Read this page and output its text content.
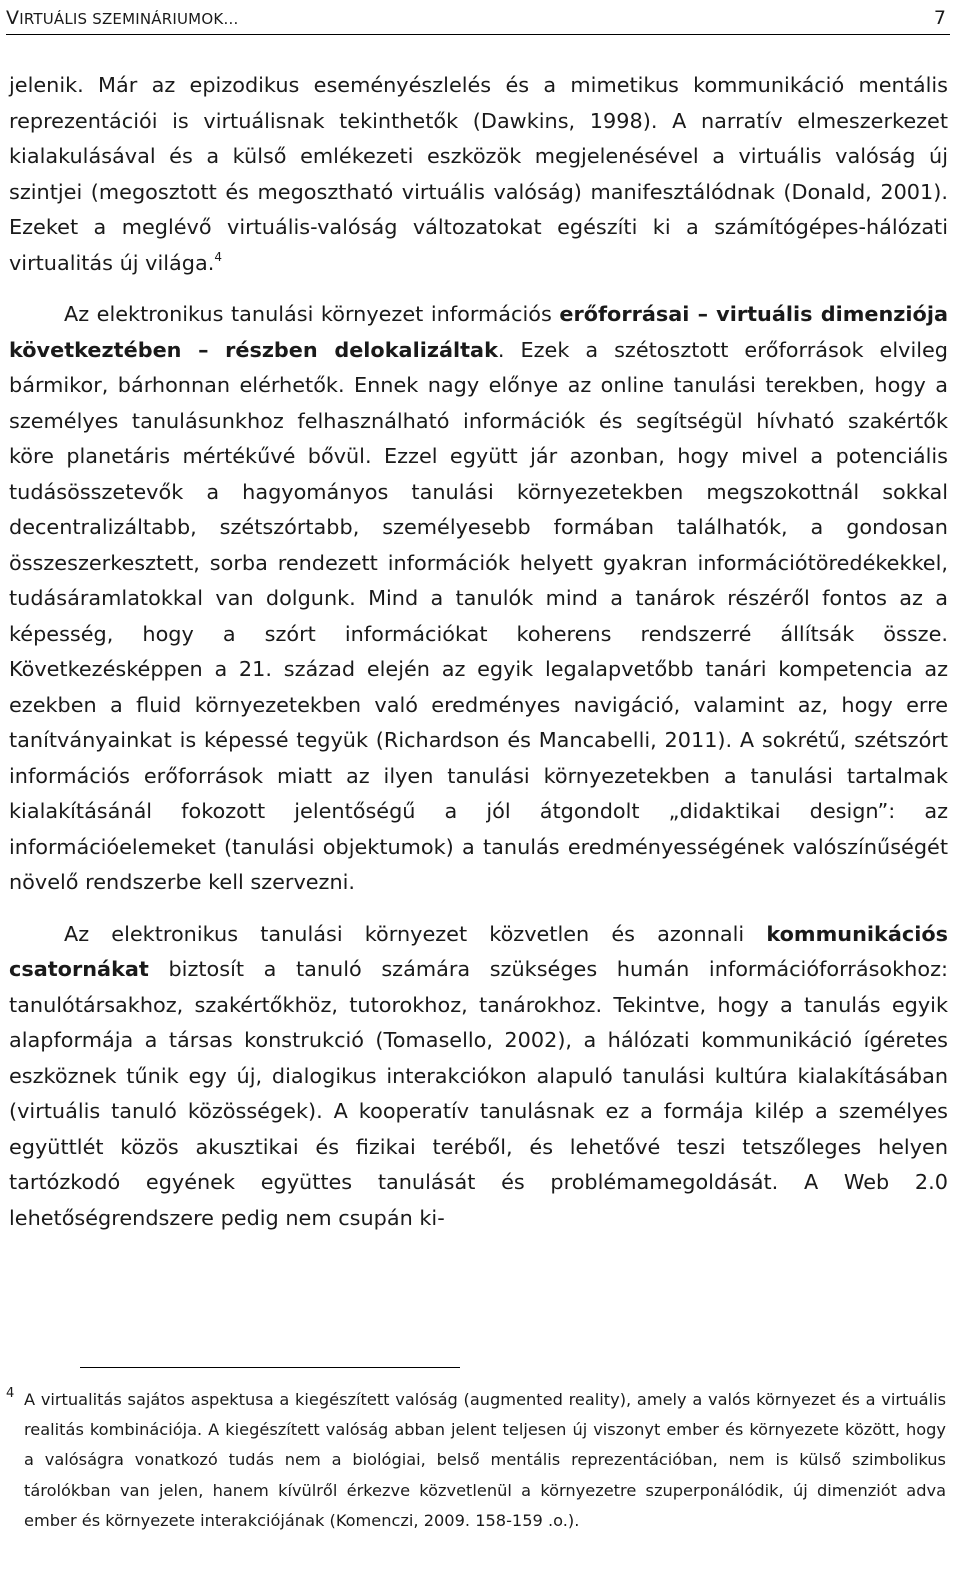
VIRTUÁLIS SZEMINÁRIUMOK…	7

jelenik. Már az epizodikus eseményészlelés és a mimetikus kommunikáció mentális reprezentációi is virtuálisnak tekinthetők (Dawkins, 1998). A narratív elmeszerkezet kialakulásával és a külső emlékezeti eszközök megjelenésével a virtuális valóság új szintjei (megosztott és megosztható virtuális valóság) manifesztálódnak (Donald, 2001). Ezeket a meglévő virtuális-valóság változatokat egészíti ki a számítógépes-hálózati virtualitás új világa.$^4$

Az elektronikus tanulási környezet információs erőforrásai – virtuális dimenziója következtében – részben delokalizáltak. Ezek a szétosztott erőforrások elvileg bármikor, bárhonnan elérhetők. Ennek nagy előnye az online tanulási terekben, hogy a személyes tanulásunkhoz felhasználható információk és segítségül hívható szakértők köre planetáris mértékűvé bővül. Ezzel együtt jár azonban, hogy mivel a potenciális tudásösszetevők a hagyományos tanulási környezetekben megszokottnál sokkal decentralizáltabb, szétszórtabb, személyesebb formában találhatók, a gondosan összeszerkesztett, sorba rendezett információk helyett gyakran információtöredékekkel, tudásáramlatokkal van dolgunk. Mind a tanulók mind a tanárok részéről fontos az a képesség, hogy a szórt információkat koherens rendszerré állítsák össze. Következésképpen a 21. század elején az egyik legalapvetőbb tanári kompetencia az ezekben a fluid környezetekben való eredményes navigáció, valamint az, hogy erre tanítványainkat is képessé tegyük (Richardson és Mancabelli, 2011). A sokrétű, szétszórt információs erőforrások miatt az ilyen tanulási környezetekben a tanulási tartalmak kialakításánál fokozott jelentőségű a jól átgondolt „didaktikai design”: az információelemeket (tanulási objektumok) a tanulás eredményességének valószínűségét növelő rendszerbe kell szervezni.

Az elektronikus tanulási környezet közvetlen és azonnali kommunikációs csatornákat biztosít a tanuló számára szükséges humán információforrásokhoz: tanulótársakhoz, szakértőkhöz, tutorokhoz, tanárokhoz. Tekintve, hogy a tanulás egyik alapformája a társas konstrukció (Tomasello, 2002), a hálózati kommunikáció ígéretes eszköznek tűnik egy új, dialogikus interakciókon alapuló tanulási kultúra kialakításában (virtuális tanuló közösségek). A kooperatív tanulásnak ez a formája kilép a személyes együttlét közös akusztikai és fizikai teréből, és lehetővé teszi tetszőleges helyen tartózkodó egyének együttes tanulását és problémamegoldását. A Web 2.0 lehetőségrendszere pedig nem csupán ki-

4 A virtualitás sajátos aspektusa a kiegészített valóság (augmented reality), amely a valós környezet és a virtuális realitás kombinációja. A kiegészített valóság abban jelent teljesen új viszonyt ember és környezete között, hogy a valóságra vonatkozó tudás nem a biológiai, belső mentális reprezentációban, nem is külső szimbolikus tárolókban van jelen, hanem kívülről érkezve közvetlenül a környezetre szuperponálódik, új dimenziót adva ember és környezete interakciójának (Komenczi, 2009. 158-159 .o.).
